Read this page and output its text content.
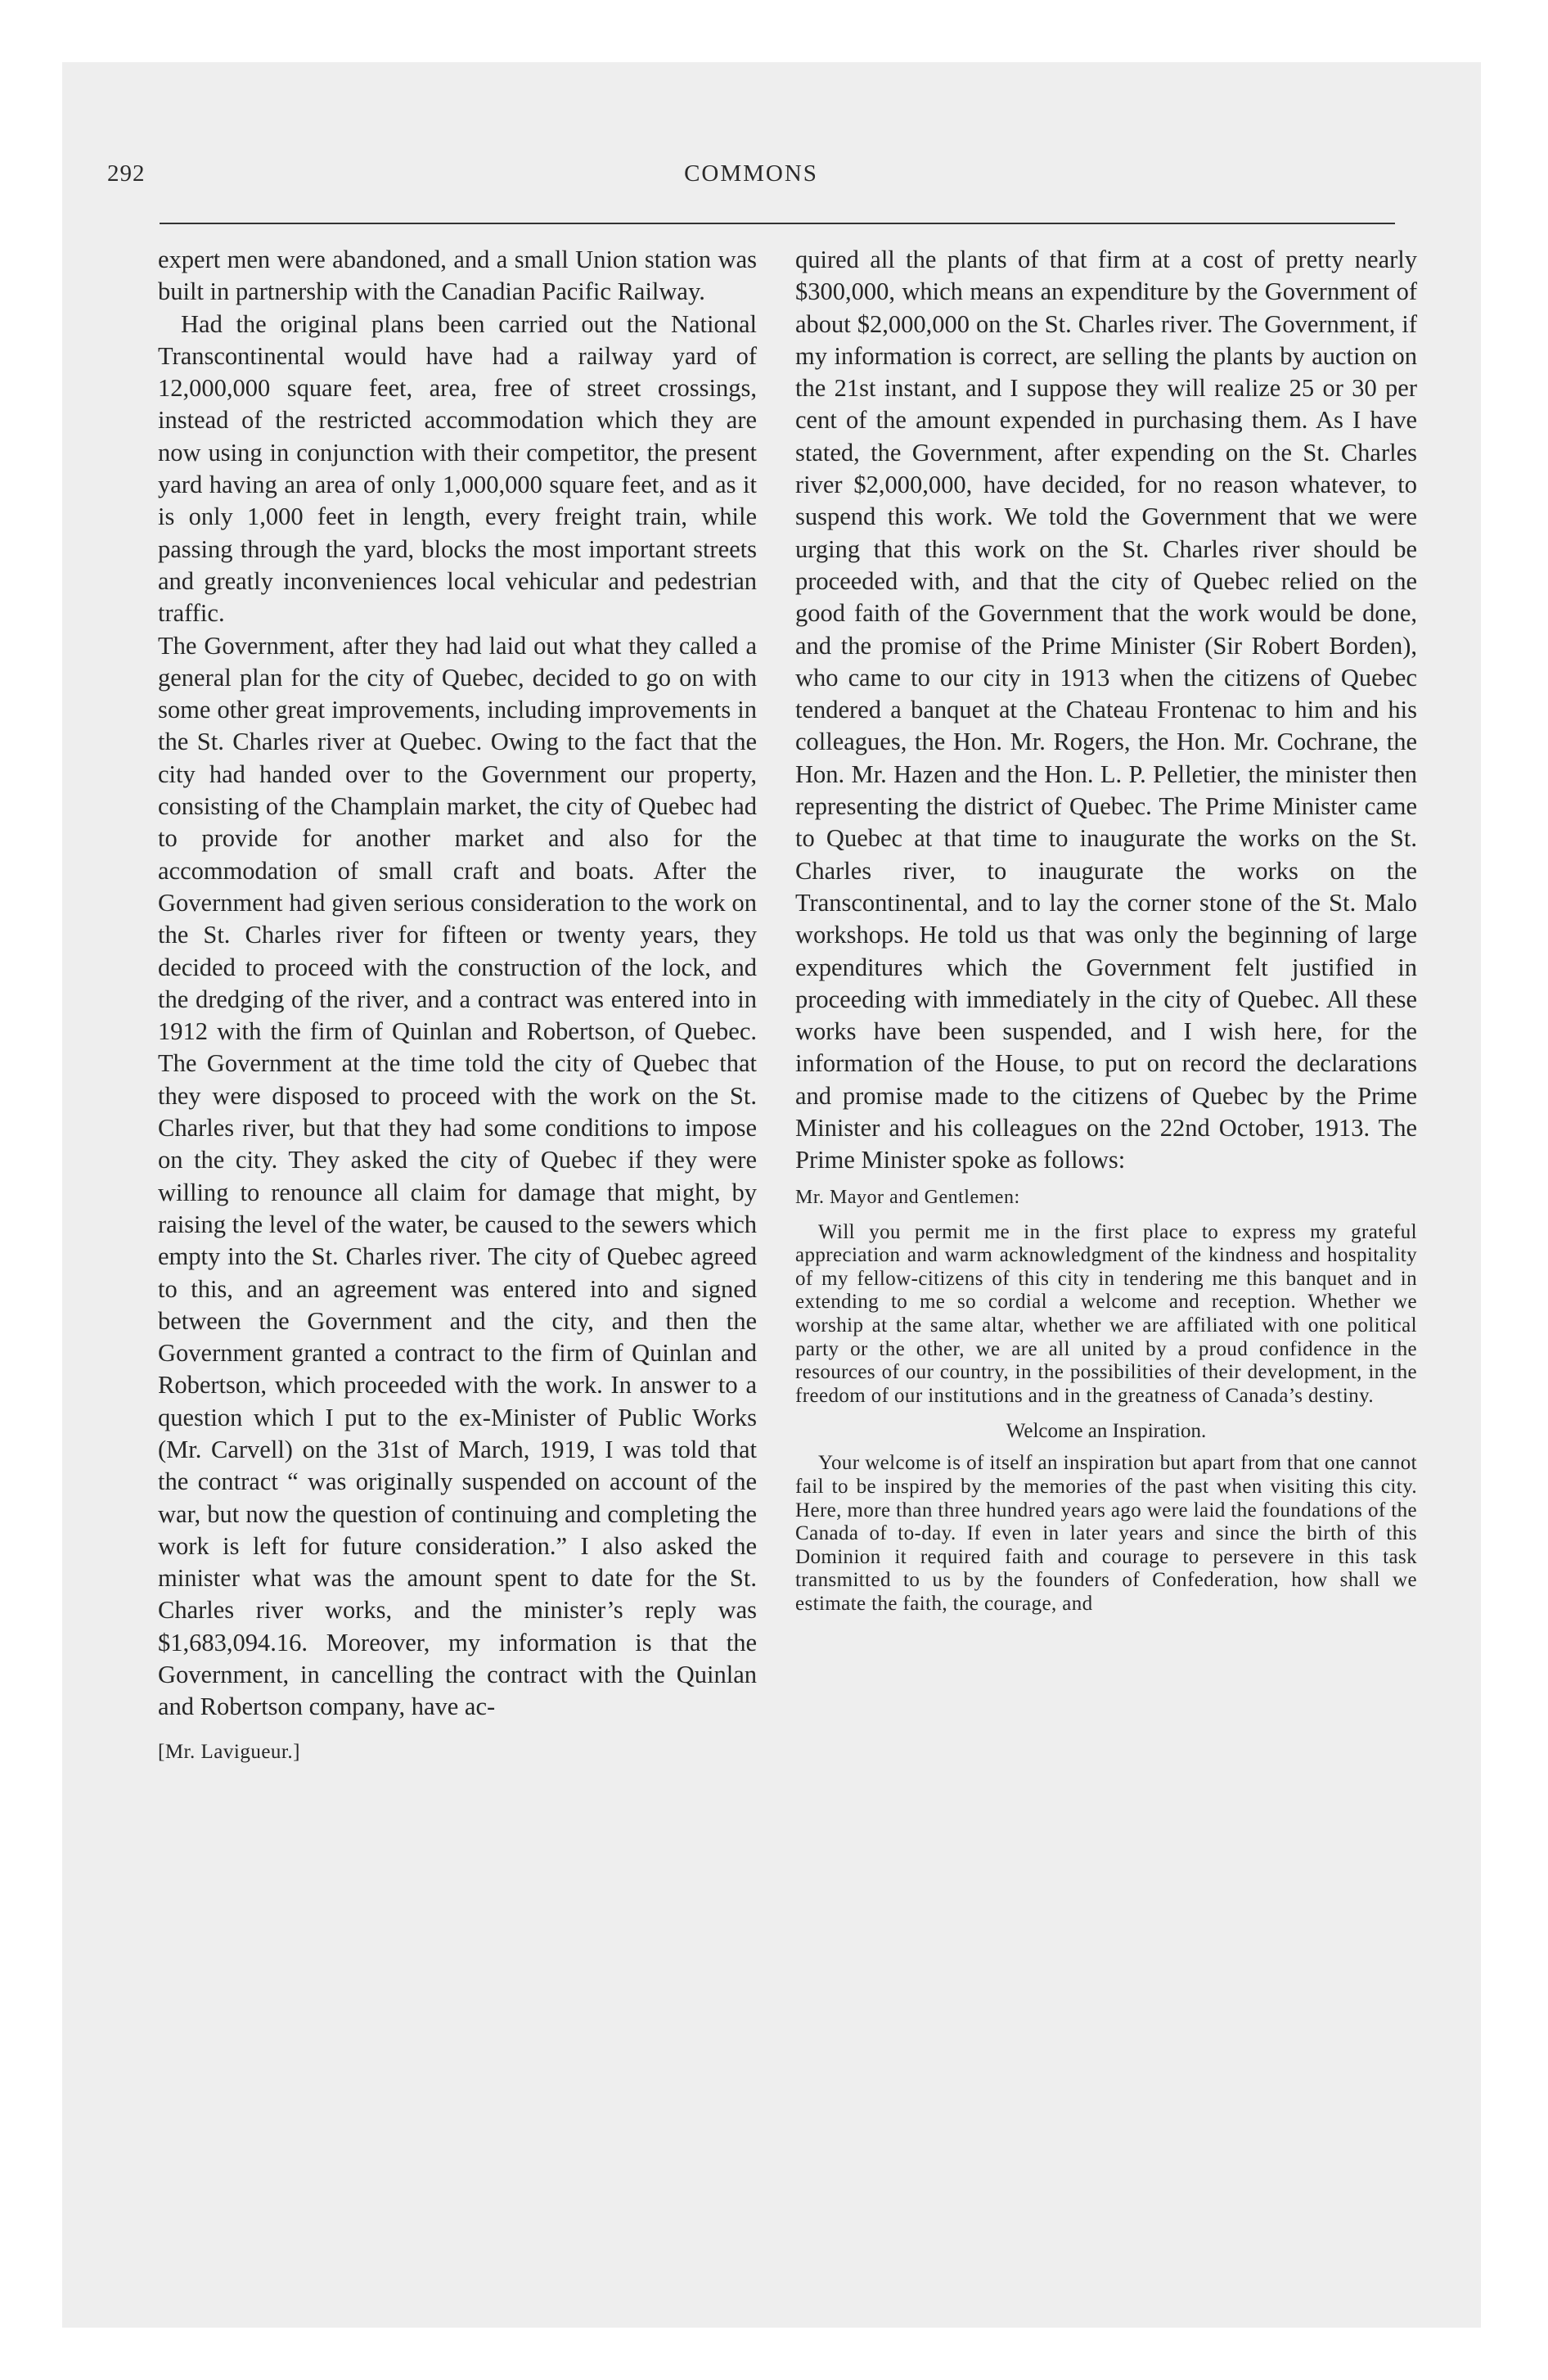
292	COMMONS

expert men were abandoned, and a small Union station was built in partnership with the Canadian Pacific Railway.

Had the original plans been carried out the National Transcontinental would have had a railway yard of 12,000,000 square feet, area, free of street crossings, instead of the restricted accommodation which they are now using in conjunction with their competitor, the present yard having an area of only 1,000,000 square feet, and as it is only 1,000 feet in length, every freight train, while passing through the yard, blocks the most important streets and greatly inconveniences local vehicular and pedestrian traffic.

The Government, after they had laid out what they called a general plan for the city of Quebec, decided to go on with some other great improvements, including improvements in the St. Charles river at Quebec. Owing to the fact that the city had handed over to the Government our property, consisting of the Champlain market, the city of Quebec had to provide for another market and also for the accommodation of small craft and boats. After the Government had given serious consideration to the work on the St. Charles river for fifteen or twenty years, they decided to proceed with the construction of the lock, and the dredging of the river, and a contract was entered into in 1912 with the firm of Quinlan and Robertson, of Quebec. The Government at the time told the city of Quebec that they were disposed to proceed with the work on the St. Charles river, but that they had some conditions to impose on the city. They asked the city of Quebec if they were willing to renounce all claim for damage that might, by raising the level of the water, be caused to the sewers which empty into the St. Charles river. The city of Quebec agreed to this, and an agreement was entered into and signed between the Government and the city, and then the Government granted a contract to the firm of Quinlan and Robertson, which proceeded with the work. In answer to a question which I put to the ex-Minister of Public Works (Mr. Carvell) on the 31st of March, 1919, I was told that the contract “ was originally suspended on account of the war, but now the question of continuing and completing the work is left for future consideration.” I also asked the minister what was the amount spent to date for the St. Charles river works, and the minister’s reply was $1,683,094.16. Moreover, my information is that the Government, in cancelling the contract with the Quinlan and Robertson company, have ac-

[Mr. Lavigueur.]

quired all the plants of that firm at a cost of pretty nearly $300,000, which means an expenditure by the Government of about $2,000,000 on the St. Charles river. The Government, if my information is correct, are selling the plants by auction on the 21st instant, and I suppose they will realize 25 or 30 per cent of the amount expended in purchasing them. As I have stated, the Government, after expending on the St. Charles river $2,000,000, have decided, for no reason whatever, to suspend this work. We told the Government that we were urging that this work on the St. Charles river should be proceeded with, and that the city of Quebec relied on the good faith of the Government that the work would be done, and the promise of the Prime Minister (Sir Robert Borden), who came to our city in 1913 when the citizens of Quebec tendered a banquet at the Chateau Frontenac to him and his colleagues, the Hon. Mr. Rogers, the Hon. Mr. Cochrane, the Hon. Mr. Hazen and the Hon. L. P. Pelletier, the minister then representing the district of Quebec. The Prime Minister came to Quebec at that time to inaugurate the works on the St. Charles river, to inaugurate the works on the Transcontinental, and to lay the corner stone of the St. Malo workshops. He told us that was only the beginning of large expenditures which the Government felt justified in proceeding with immediately in the city of Quebec. All these works have been suspended, and I wish here, for the information of the House, to put on record the declarations and promise made to the citizens of Quebec by the Prime Minister and his colleagues on the 22nd October, 1913. The Prime Minister spoke as follows:

Mr. Mayor and Gentlemen:

Will you permit me in the first place to express my grateful appreciation and warm acknowledgment of the kindness and hospitality of my fellow-citizens of this city in tendering me this banquet and in extending to me so cordial a welcome and reception. Whether we worship at the same altar, whether we are affiliated with one political party or the other, we are all united by a proud confidence in the resources of our country, in the possibilities of their development, in the freedom of our institutions and in the greatness of Canada’s destiny.

Welcome an Inspiration.

Your welcome is of itself an inspiration but apart from that one cannot fail to be inspired by the memories of the past when visiting this city. Here, more than three hundred years ago were laid the foundations of the Canada of to-day. If even in later years and since the birth of this Dominion it required faith and courage to persevere in this task transmitted to us by the founders of Confederation, how shall we estimate the faith, the courage, and
